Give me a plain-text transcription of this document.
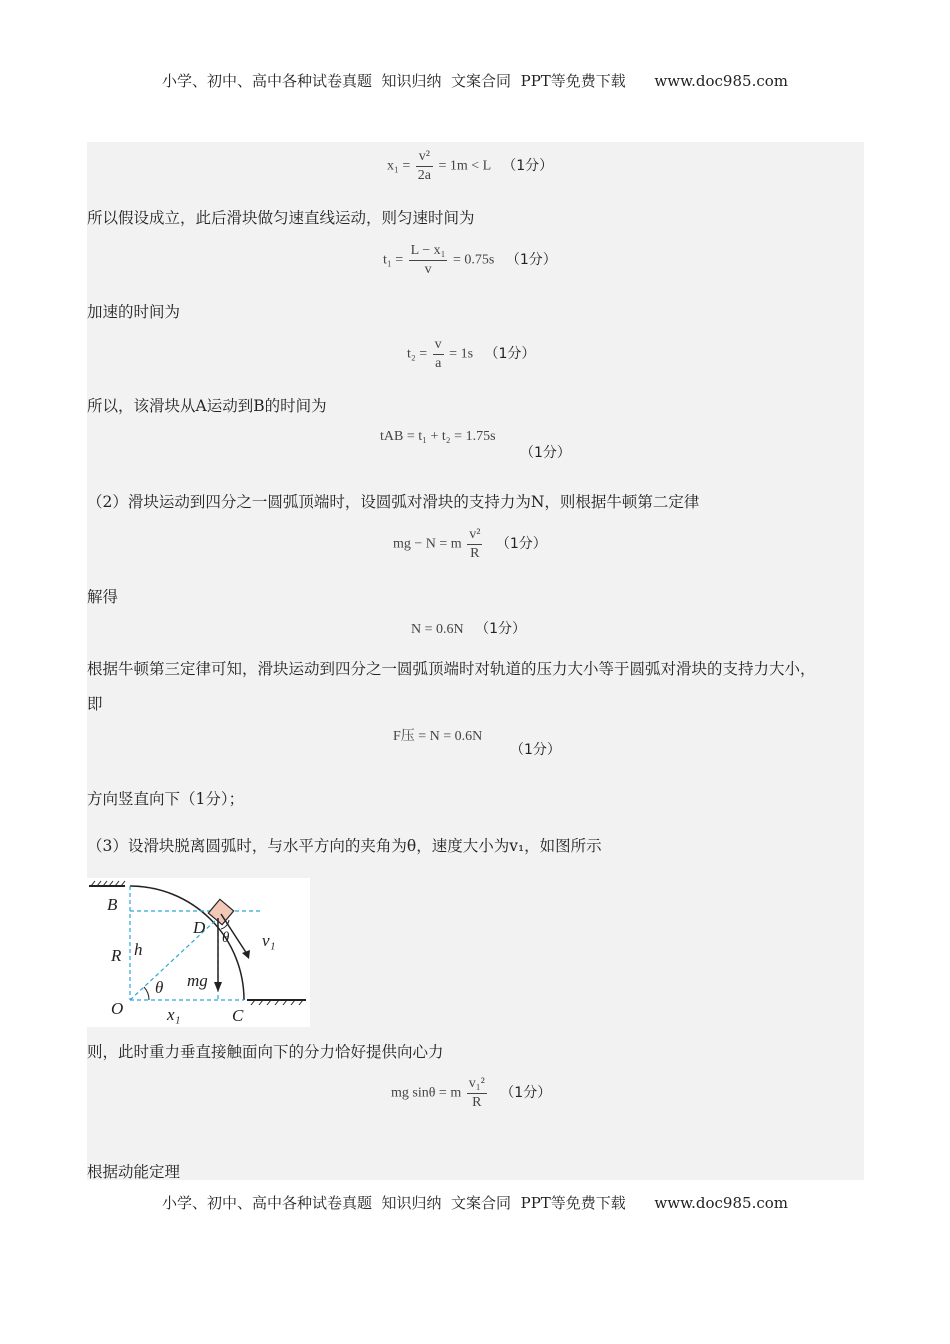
小学、初中、高中各种试卷真题  知识归纳  文案合同  PPT等免费下载      www.doc985.com
$x_1 = \frac{\text{v²}}{2a} = 1m < L$ （1分）
所以假设成立，此后滑块做匀速直线运动，则匀速时间为
$t_1 = \frac{\text{L − x₁}}{v} = 0.75s$ （1分）
加速的时间为
$t_2 = \frac{v}{a} = 1s$ （1分）
所以，该滑块从A运动到B的时间为
tAB = t₁ + t₂ = 1.75s
（1分）
（2）滑块运动到四分之一圆弧顶端时，设圆弧对滑块的支持力为N，则根据牛顿第二定律
mg − N = m $\frac{\text{v²}}{R} (1$分）
解得
N = 0.6N （1分）
根据牛顿第三定律可知，滑块运动到四分之一圆弧顶端时对轨道的压力大小等于圆弧对滑块的支持力大小，
即
F压 = N = 0.6N
（1分）
方向竖直向下（1分）；
（3）设滑块脱离圆弧时，与水平方向的夹角为θ，速度大小为v₁，如图所示
B
D
R h
O	C
mg
θ
θ v₁
x₁
则，此时重力垂直接触面向下的分力恰好提供向心力
mg sinθ = m $\frac{\text{v₁²}}{R} (1$分）
根据动能定理
小学、初中、高中各种试卷真题  知识归纳  文案合同  PPT等免费下载      www.doc985.com
